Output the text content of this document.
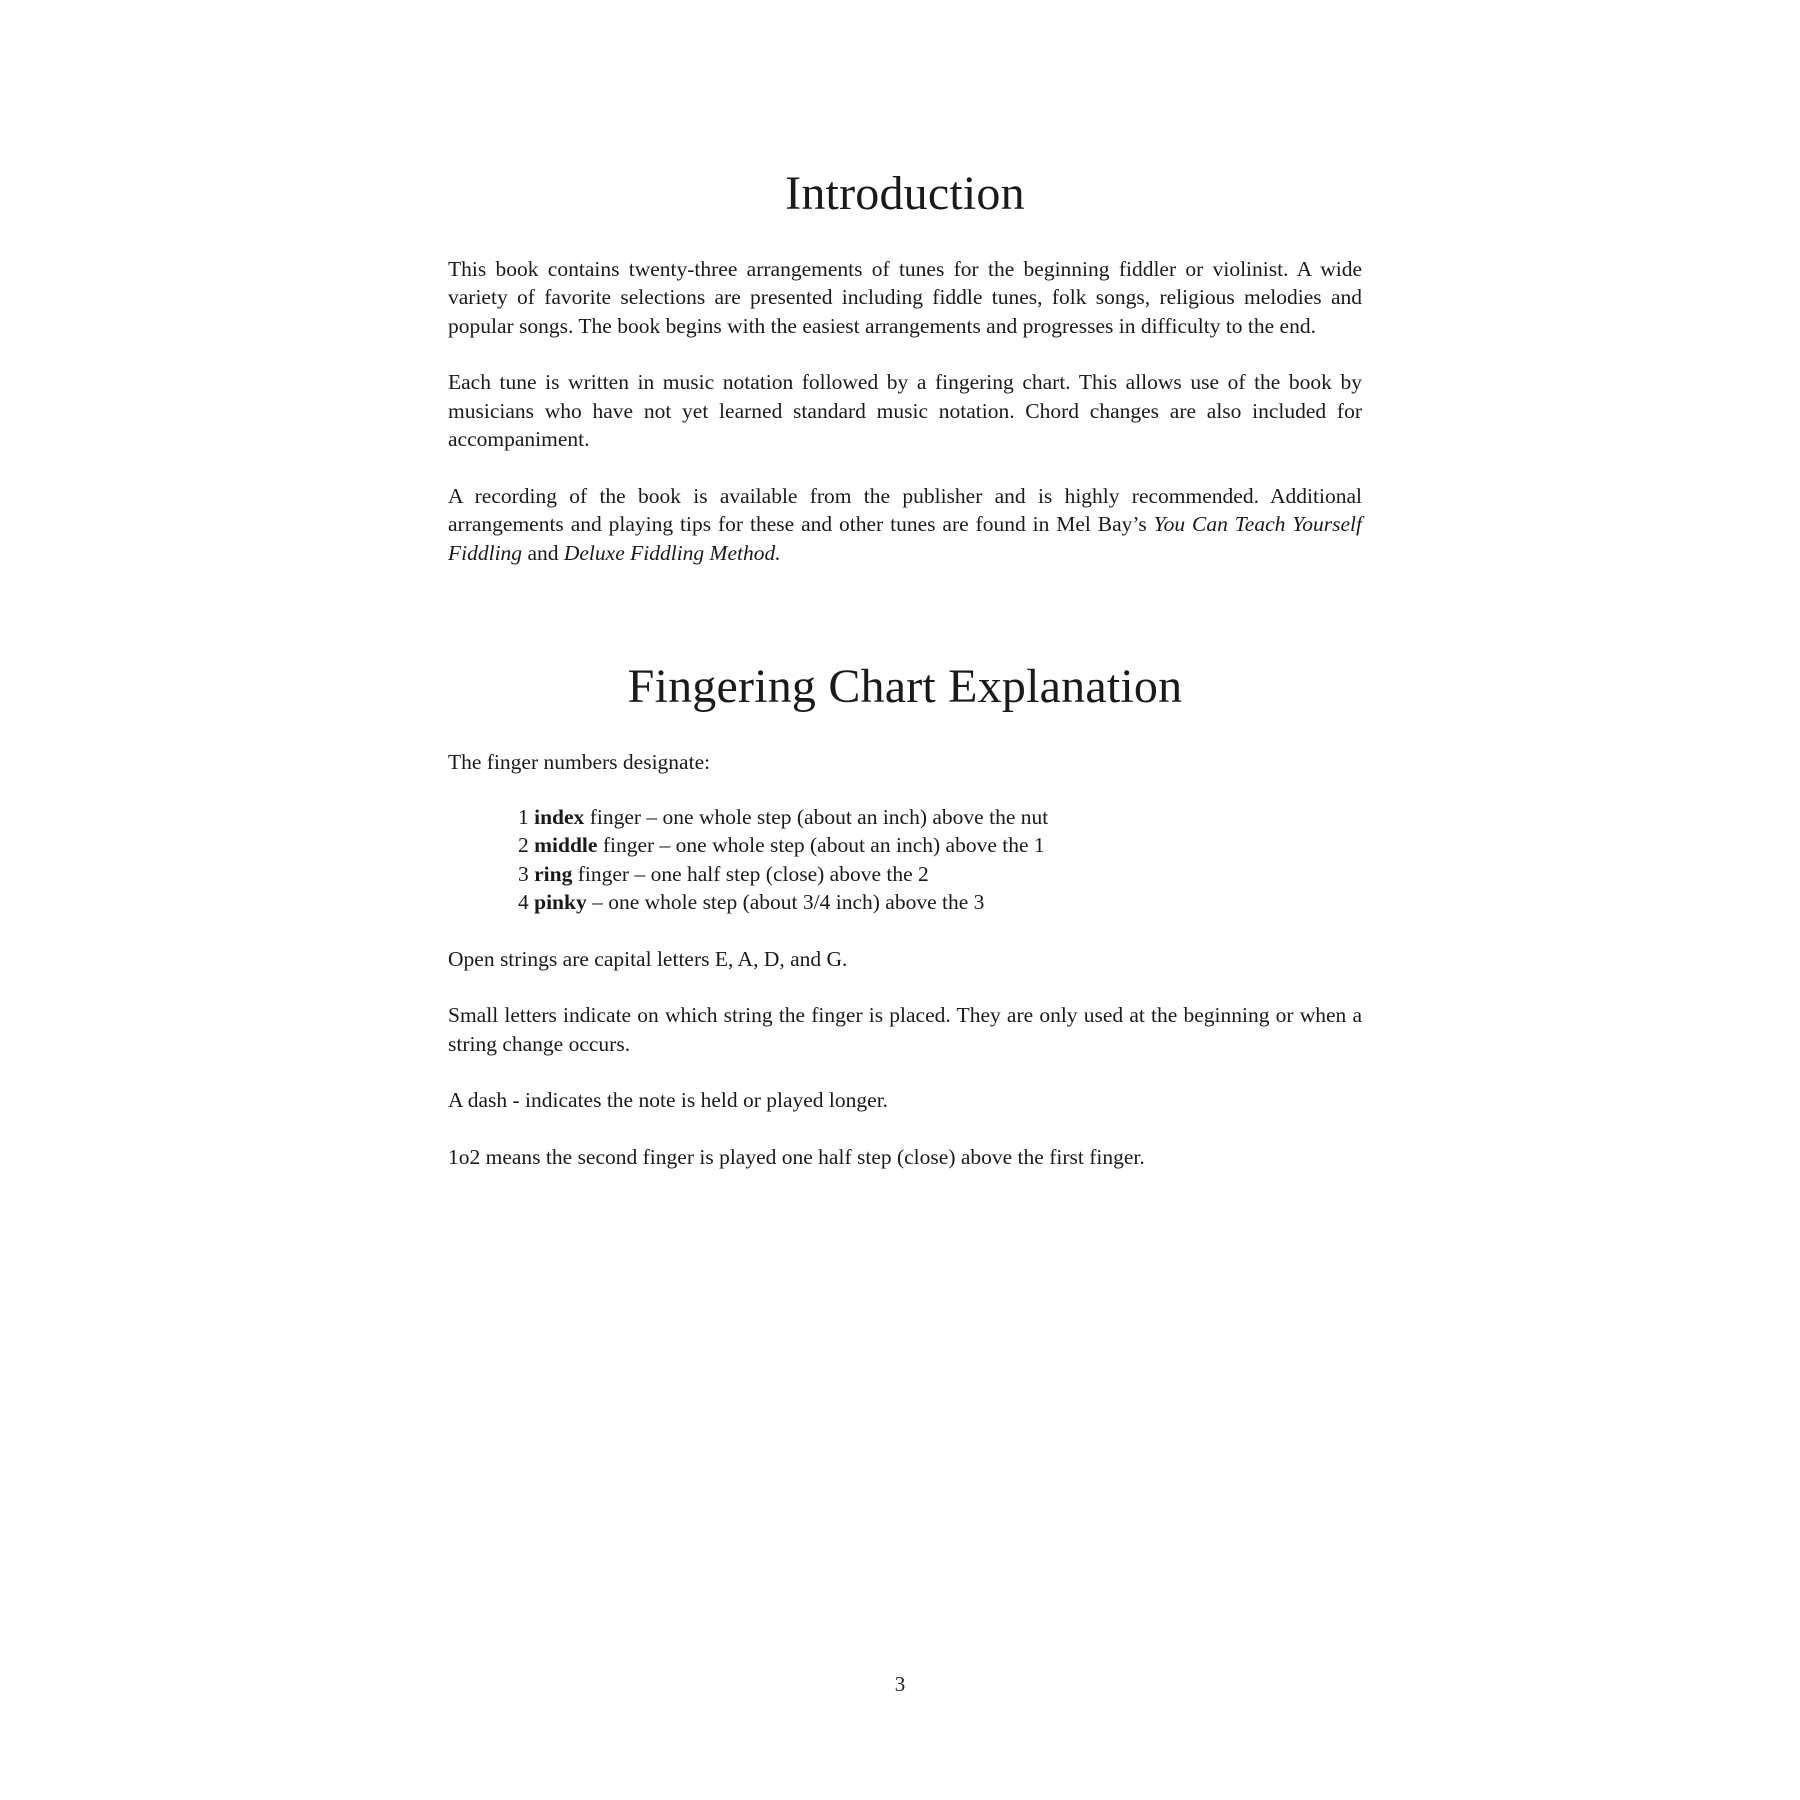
Introduction

This book contains twenty-three arrangements of tunes for the beginning fiddler or violinist. A wide variety of favorite selections are presented including fiddle tunes, folk songs, religious melodies and popular songs. The book begins with the easiest arrangements and progresses in difficulty to the end.

Each tune is written in music notation followed by a fingering chart. This allows use of the book by musicians who have not yet learned standard music notation. Chord changes are also included for accompaniment.

A recording of the book is available from the publisher and is highly recommended. Additional arrangements and playing tips for these and other tunes are found in Mel Bay’s You Can Teach Yourself Fiddling and Deluxe Fiddling Method.

Fingering Chart Explanation

The finger numbers designate:

1 index finger – one whole step (about an inch) above the nut
2 middle finger – one whole step (about an inch) above the 1
3 ring finger – one half step (close) above the 2
4 pinky – one whole step (about 3/4 inch) above the 3

Open strings are capital letters E, A, D, and G.

Small letters indicate on which string the finger is placed. They are only used at the beginning or when a string change occurs.

A dash - indicates the note is held or played longer.

1o2 means the second finger is played one half step (close) above the first finger.

3
